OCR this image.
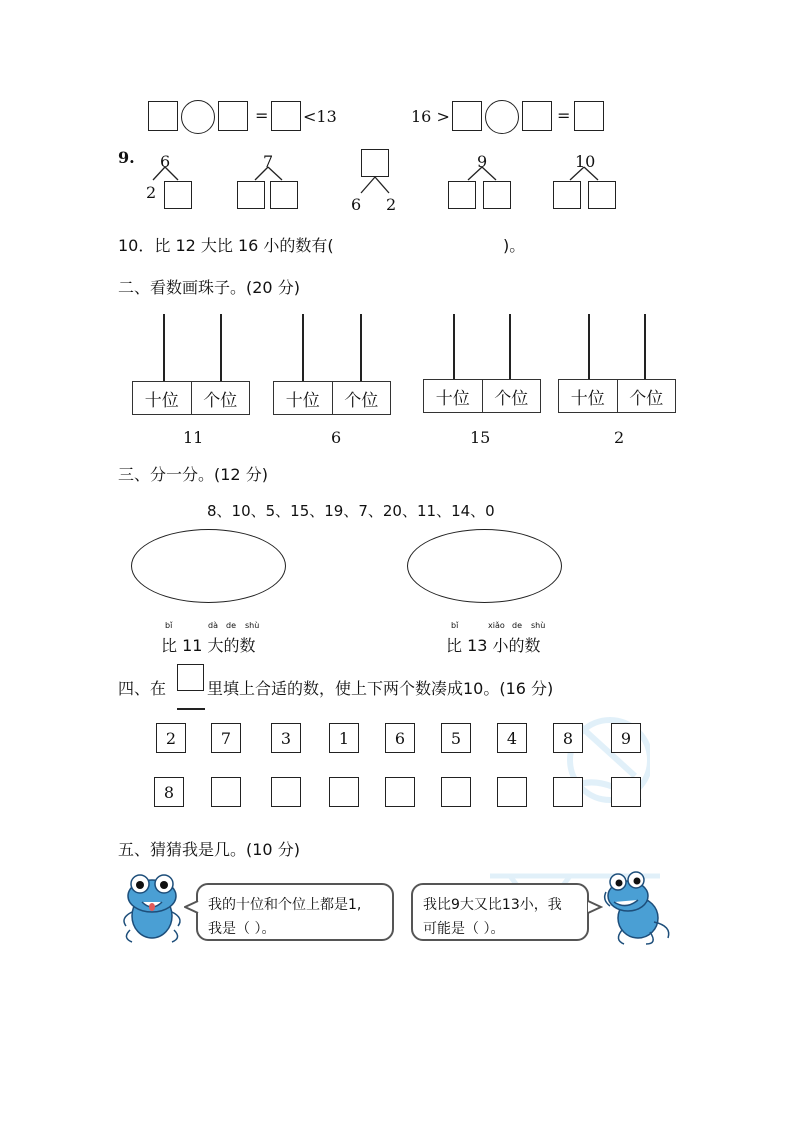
= <13	16 >	=
9. 6
2
7
6 2
9	10
10．比 12 大比 16 小的数有(	)。
二、看数画珠子。(20 分)
十位	个位
11
十位	个位
6
十位	个位
15
十位	个位
2
三、分一分。(12 分)
8、10、5、15、19、7、20、11、14、0
bǐ	dà de shù
比 11 大的数
bǐ	xiǎo de shù
比 13 小的数
四、在	里填上合适的数，使上下两个数凑成10。(16 分)
2	7	3	1	6	5	4	8	9
8
五、猜猜我是几。(10 分)
我的十位和个位上都是1,
我是（ ）。
我比9大又比13小，我
可能是（ ）。
